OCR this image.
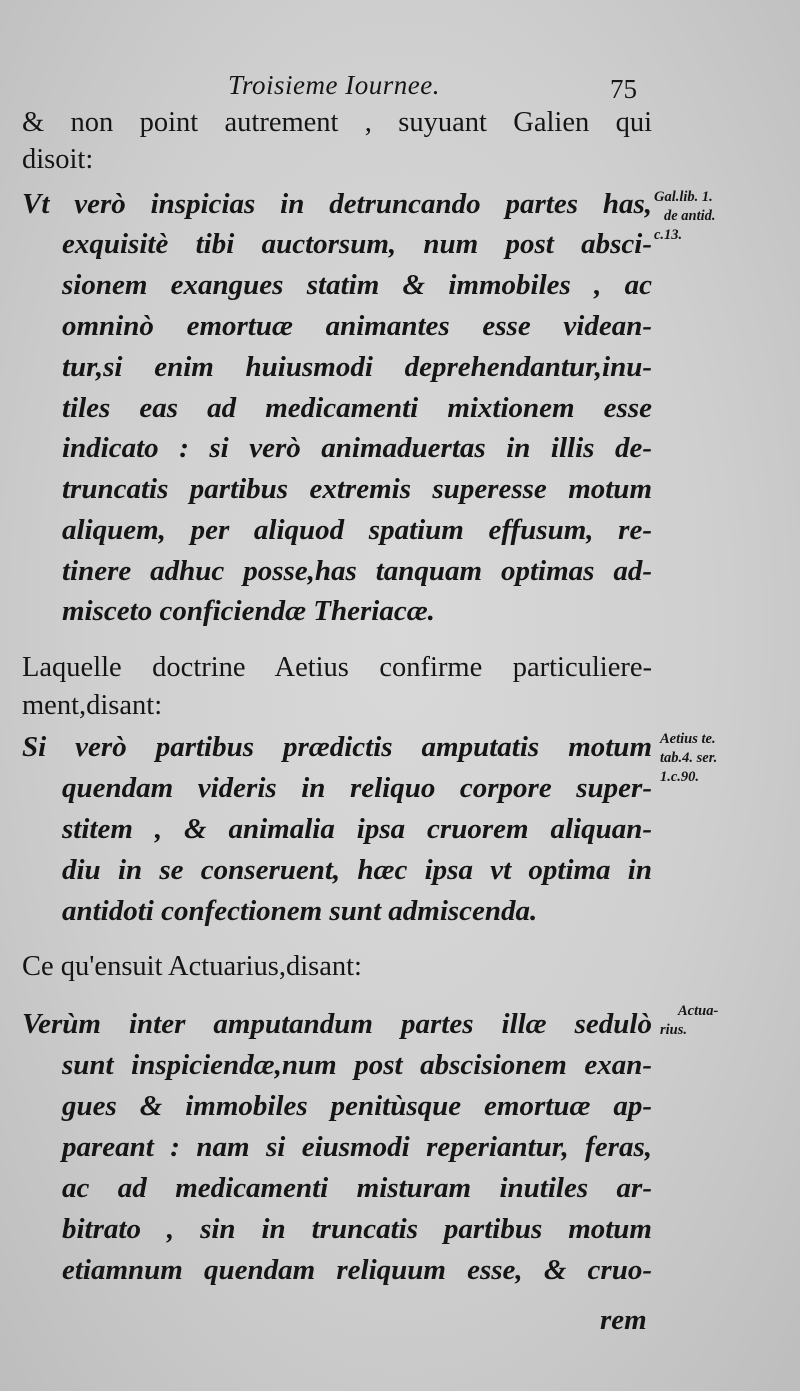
Troisieme Iournee.	75
& non point autrement , suyuant Galien qui
disoit:
Vt verò inspicias in detruncando partes has,
exquisitè tibi auctorsum, num post absci-
sionem exangues statim & immobiles , ac
omninò emortuæ animantes esse videan-
tur,si enim huiusmodi deprehendantur,inu-
tiles eas ad medicamenti mixtionem esse
indicato : si verò animaduertas in illis de-
truncatis partibus extremis superesse motum
aliquem, per aliquod spatium effusum, re-
tinere adhuc posse,has tanquam optimas ad-
misceto conficiendæ Theriacæ.
Laquelle doctrine Aetius confirme particuliere-
ment,disant:
Si verò partibus prædictis amputatis motum
quendam videris in reliquo corpore super-
stitem , & animalia ipsa cruorem aliquan-
diu in se conseruent, hæc ipsa vt optima in
antidoti confectionem sunt admiscenda.
Ce qu'ensuit Actuarius,disant:
Verùm inter amputandum partes illæ sedulò
sunt inspiciendæ,num post abscisionem exan-
gues & immobiles penitùsque emortuæ ap-
pareant : nam si eiusmodi reperiantur, feras,
ac ad medicamenti misturam inutiles ar-
bitrato , sin in truncatis partibus motum
etiamnum quendam reliquum esse, & cruo-
rem
Gal.lib. 1.
de antid.
c.13.
Aetius te.
tab.4. ser.
1.c.90.
Actua-
rius.
